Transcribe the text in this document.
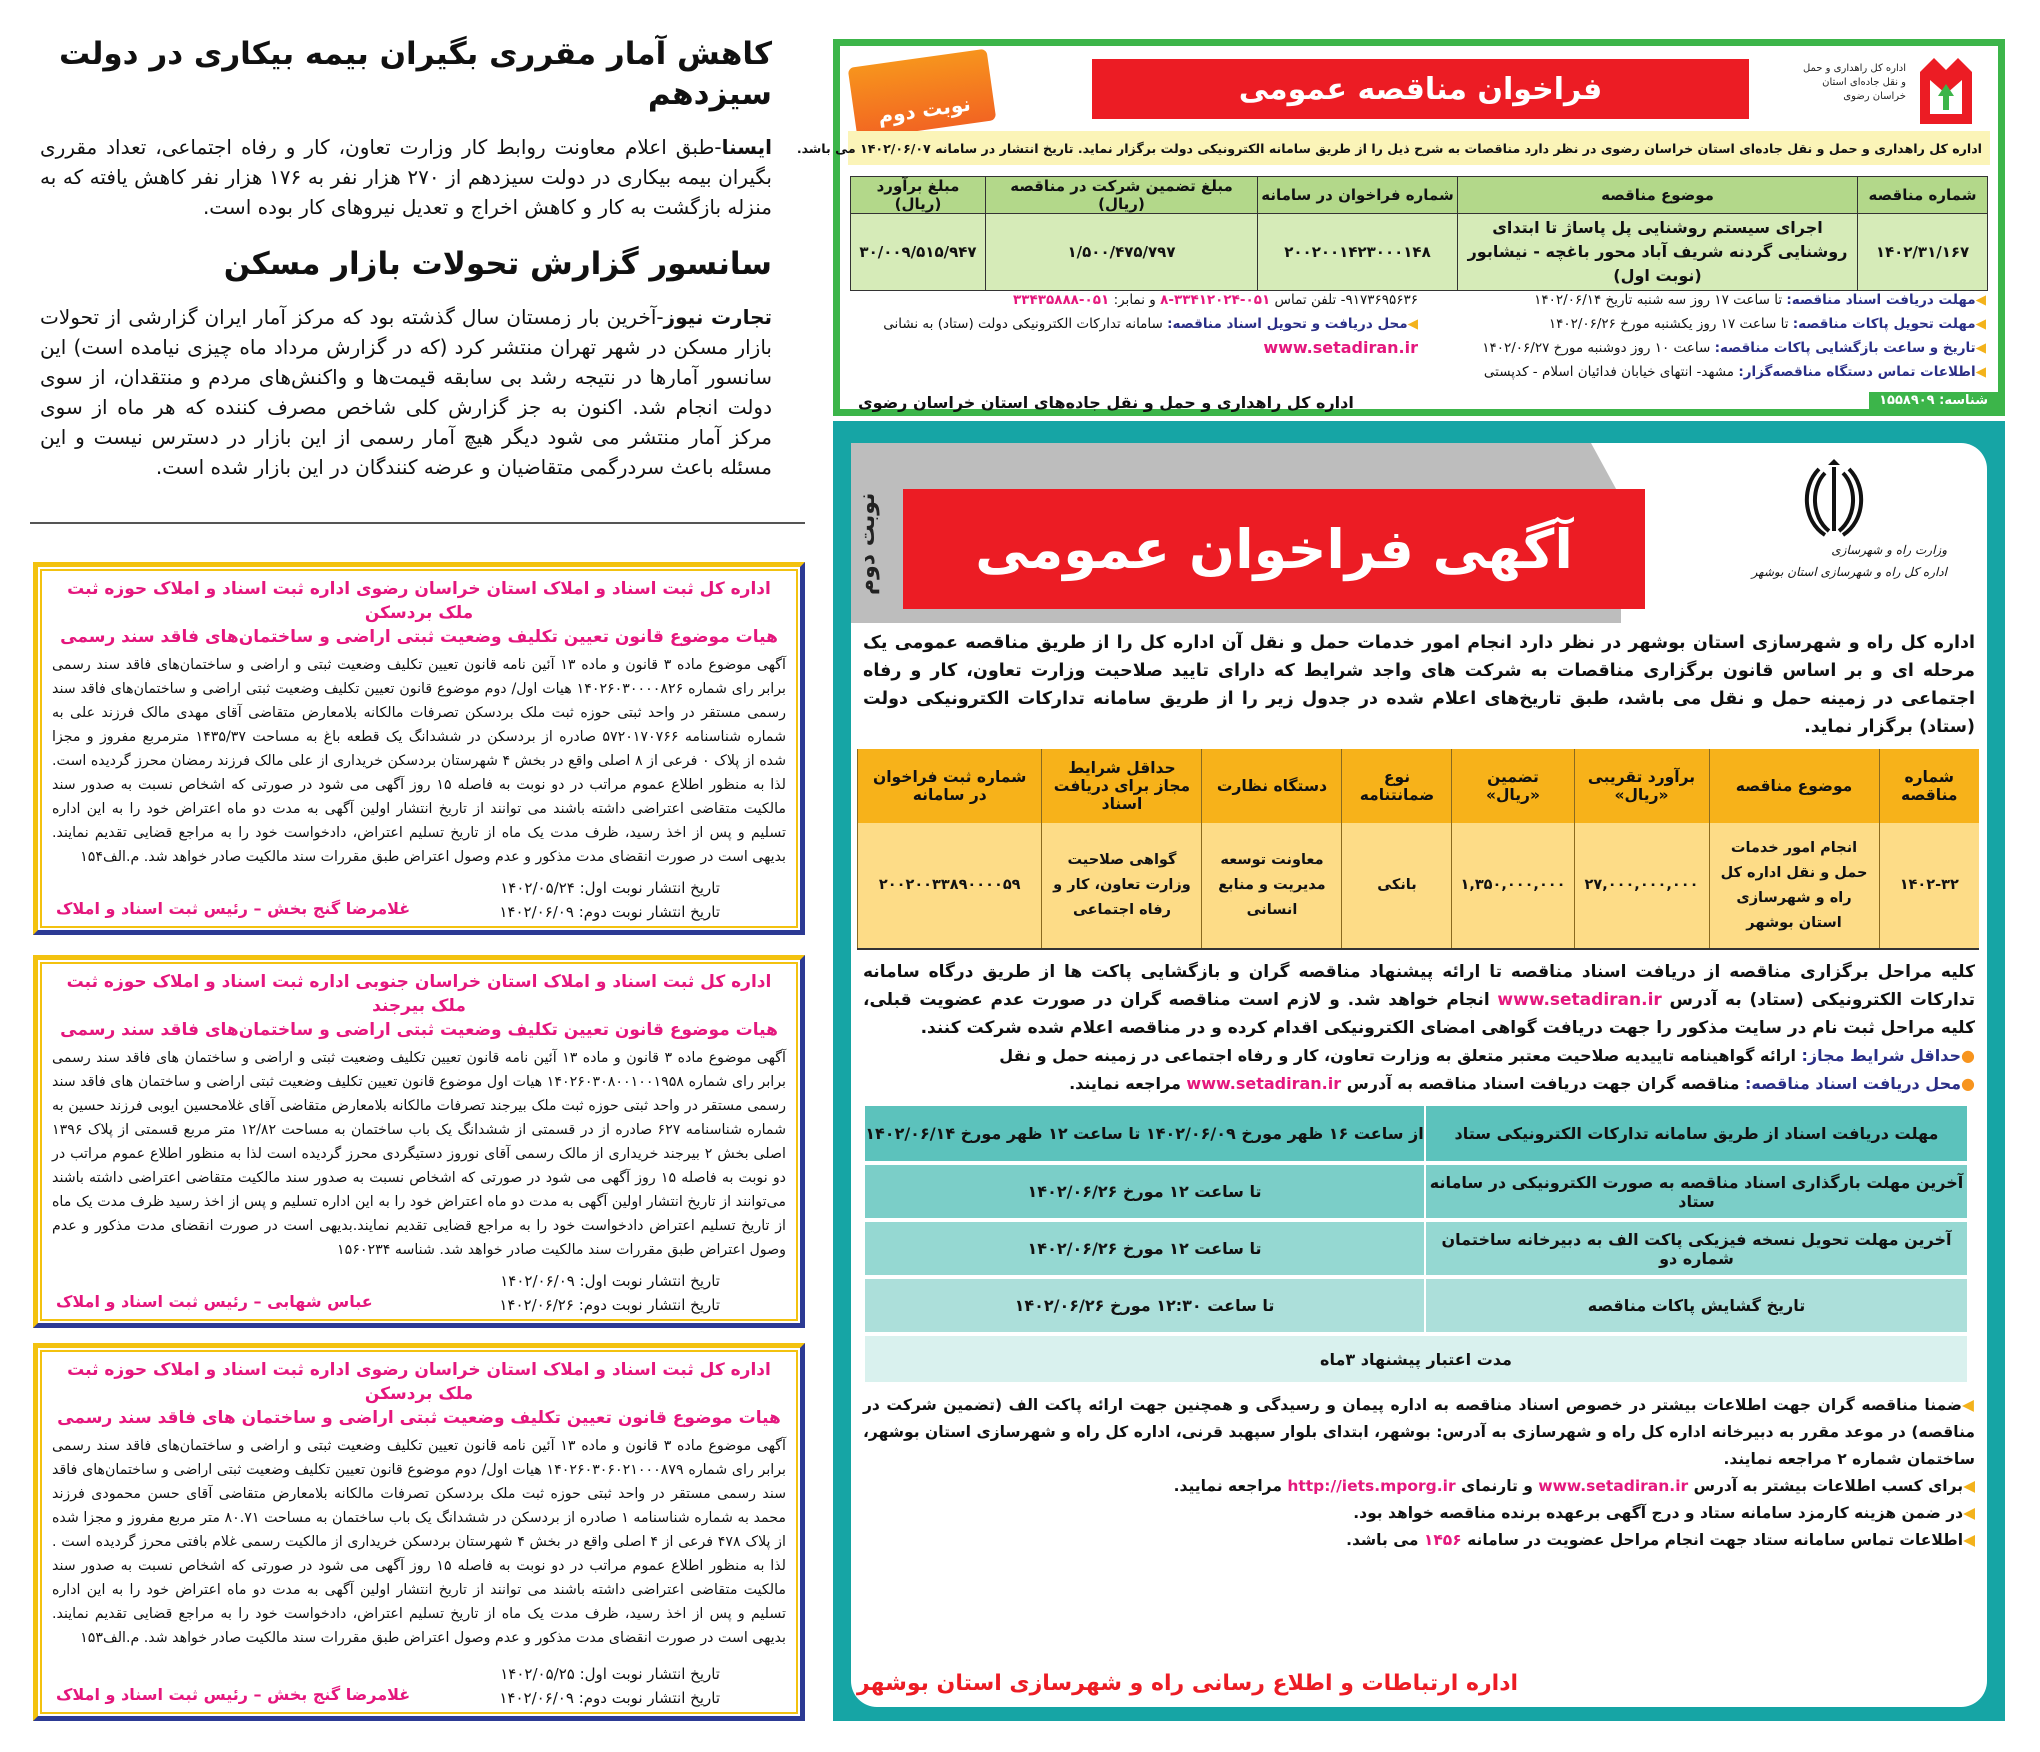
کاهش آمار مقرری بگیران بیمه بیکاری در دولت سیزدهم
ایسنا-طبق اعلام معاونت روابط کار وزارت تعاون، کار و رفاه اجتماعی، تعداد مقرری بگیران بیمه بیکاری در دولت سیزدهم از ۲۷۰ هزار نفر به ۱۷۶ هزار نفر کاهش یافته که به منزله بازگشت به کار و کاهش اخراج و تعدیل نیروهای کار بوده است.
سانسور گزارش تحولات بازار مسکن
تجارت نیوز-آخرین بار زمستان سال گذشته بود که مرکز آمار ایران گزارشی از تحولات بازار مسکن در شهر تهران منتشر کرد (که در گزارش مرداد ماه چیزی نیامده است) این سانسور آمارها در نتیجه رشد بی سابقه قیمت‌ها و واکنش‌های مردم و منتقدان، از سوی دولت انجام شد. اکنون به جز گزارش کلی شاخص مصرف کننده که هر ماه از سوی مرکز آمار منتشر می شود دیگر هیچ آمار رسمی از این بازار در دسترس نیست و این مسئله باعث سردرگمی متقاضیان و عرضه کنندگان در این بازار شده است.
اداره کل ثبت اسناد و املاک استان خراسان رضوی اداره ثبت اسناد و املاک حوزه ثبت ملک بردسکن
هیات موضوع قانون تعیین تکلیف وضعیت ثبتی اراضی و ساختمان‌های فاقد سند رسمی
آگهی موضوع ماده ۳ قانون و ماده ۱۳ آئین نامه قانون تعیین تکلیف وضعیت ثبتی و اراضی و ساختمان‌های فاقد سند رسمی برابر رای شماره ۱۴۰۲۶۰۳۰۰۰۰۸۲۶ هیات اول/ دوم موضوع قانون تعیین تکلیف وضعیت ثبتی اراضی و ساختمان‌های فاقد سند رسمی مستقر در واحد ثبتی حوزه ثبت ملک بردسکن تصرفات مالکانه بلامعارض متقاضی آقای مهدی مالک فرزند علی به شماره شناسنامه ۵۷۲۰۱۷۰۷۶۶ صادره از بردسکن در ششدانگ یک قطعه باغ به مساحت ۱۴۳۵/۳۷ مترمربع مفروز و مجزا شده از پلاک ۰ فرعی از ۸ اصلی واقع در بخش ۴ شهرستان بردسکن خریداری از علی مالک فرزند رمضان محرز گردیده است. لذا به منظور اطلاع عموم مراتب در دو نوبت به فاصله ۱۵ روز آگهی می شود در صورتی که اشخاص نسبت به صدور سند مالکیت متقاضی اعتراضی داشته باشند می توانند از تاریخ انتشار اولین آگهی به مدت دو ماه اعتراض خود را به این اداره تسلیم و پس از اخذ رسید، ظرف مدت یک ماه از تاریخ تسلیم اعتراض، دادخواست خود را به مراجع قضایی تقدیم نمایند. بدیهی است در صورت انقضای مدت مذکور و عدم وصول اعتراض طبق مقررات سند مالکیت صادر خواهد شد. م.الف۱۵۴
تاریخ انتشار نوبت اول: ۱۴۰۲/۰۵/۲۴
تاریخ انتشار نوبت دوم: ۱۴۰۲/۰۶/۰۹
غلامرضا گنج بخش – رئیس ثبت اسناد و املاک
اداره کل ثبت اسناد و املاک استان خراسان جنوبی اداره ثبت اسناد و املاک حوزه ثبت ملک بیرجند
هیات موضوع قانون تعیین تکلیف وضعیت ثبتی اراضی و ساختمان‌های فاقد سند رسمی
آگهی موضوع ماده ۳ قانون و ماده ۱۳ آئین نامه قانون تعیین تکلیف وضعیت ثبتی و اراضی و ساختمان های فاقد سند رسمی برابر رای شماره ۱۴۰۲۶۰۳۰۸۰۰۱۰۰۱۹۵۸ هیات اول موضوع قانون تعیین تکلیف وضعیت ثبتی اراضی و ساختمان های فاقد سند رسمی مستقر در واحد ثبتی حوزه ثبت ملک بیرجند تصرفات مالکانه بلامعارض متقاضی آقای غلامحسین ایوبی فرزند حسین به شماره شناسنامه ۶۲۷ صادره از در قسمتی از ششدانگ یک باب ساختمان به مساحت ۱۲/۸۲ متر مربع قسمتی از پلاک ۱۳۹۶ اصلی بخش ۲ بیرجند خریداری از مالک رسمی آقای نوروز دستیگردی محرز گردیده است لذا به منظور اطلاع عموم مراتب در دو نوبت به فاصله ۱۵ روز آگهی می شود در صورتی که اشخاص نسبت به صدور سند مالکیت متقاضی اعتراضی داشته باشند می‌توانند از تاریخ انتشار اولین آگهی به مدت دو ماه اعتراض خود را به این اداره تسلیم و پس از اخذ رسید ظرف مدت یک ماه از تاریخ تسلیم اعتراض دادخواست خود را به مراجع قضایی تقدیم نمایند.بدیهی است در صورت انقضای مدت مذکور و عدم وصول اعتراض طبق مقررات سند مالکیت صادر خواهد شد. شناسه ۱۵۶۰۲۳۴
تاریخ انتشار نوبت اول: ۱۴۰۲/۰۶/۰۹
تاریخ انتشار نوبت دوم: ۱۴۰۲/۰۶/۲۶
عباس شهابی – رئیس ثبت اسناد و املاک
اداره کل ثبت اسناد و املاک استان خراسان رضوی اداره ثبت اسناد و املاک حوزه ثبت ملک بردسکن
هیات موضوع قانون تعیین تکلیف وضعیت ثبتی اراضی و ساختمان های فاقد سند رسمی
آگهی موضوع ماده ۳ قانون و ماده ۱۳ آئین نامه قانون تعیین تکلیف وضعیت ثبتی و اراضی و ساختمان‌های فاقد سند رسمی برابر رای شماره ۱۴۰۲۶۰۳۰۶۰۲۱۰۰۰۸۷۹ هیات اول/ دوم موضوع قانون تعیین تکلیف وضعیت ثبتی اراضی و ساختمان‌های فاقد سند رسمی مستقر در واحد ثبتی حوزه ثبت ملک بردسکن تصرفات مالکانه بلامعارض متقاضی آقای حسن محمودی فرزند محمد به شماره شناسنامه ۱ صادره از بردسکن در ششدانگ یک باب ساختمان به مساحت ۸۰.۷۱ متر مربع مفروز و مجزا شده از پلاک ۴۷۸ فرعی از ۴ اصلی واقع در بخش ۴ شهرستان بردسکن خریداری از مالکیت رسمی غلام بافتی محرز گردیده است . لذا به منظور اطلاع عموم مراتب در دو نوبت به فاصله ۱۵ روز آگهی می شود در صورتی که اشخاص نسبت به صدور سند مالکیت متقاضی اعتراضی داشته باشند می توانند از تاریخ انتشار اولین آگهی به مدت دو ماه اعتراض خود را به این اداره تسلیم و پس از اخذ رسید، ظرف مدت یک ماه از تاریخ تسلیم اعتراض، دادخواست خود را به مراجع قضایی تقدیم نمایند. بدیهی است در صورت انقضای مدت مذکور و عدم وصول اعتراض طبق مقررات سند مالکیت صادر خواهد شد. م.الف۱۵۳
تاریخ انتشار نوبت اول: ۱۴۰۲/۰۵/۲۵
تاریخ انتشار نوبت دوم: ۱۴۰۲/۰۶/۰۹
غلامرضا گنج بخش – رئیس ثبت اسناد و املاک
نوبت دوم
فراخوان مناقصه عمومی
اداره کل راهداری و حمل و نقل جاده‌ای استان خراسان رضوی
اداره کل راهداری و حمل و نقل جاده‌ای استان خراسان رضوی در نظر دارد مناقصات به شرح ذیل را از طریق سامانه الکترونیکی دولت برگزار نماید. تاریخ انتشار در سامانه ۱۴۰۲/۰۶/۰۷ می باشد.
شماره مناقصه	موضوع مناقصه	شماره فراخوان در سامانه	مبلغ تضمین شرکت در مناقصه (ریال)	مبلغ برآورد (ریال)
۱۴۰۲/۳۱/۱۶۷	اجرای سیستم روشنایی پل پاساژ تا ابتدای روشنایی گردنه شریف آباد محور باغچه - نیشابور (نوبت اول)	۲۰۰۲۰۰۱۴۲۳۰۰۰۱۴۸	۱/۵۰۰/۴۷۵/۷۹۷	۳۰/۰۰۹/۵۱۵/۹۴۷
◀مهلت دریافت اسناد مناقصه: تا ساعت ۱۷ روز سه شنبه تاریخ ۱۴۰۲/۰۶/۱۴
◀مهلت تحویل پاکات مناقصه: تا ساعت ۱۷ روز یکشنبه مورخ ۱۴۰۲/۰۶/۲۶
◀تاریخ و ساعت بازگشایی پاکات مناقصه: ساعت ۱۰ روز دوشنبه مورخ ۱۴۰۲/۰۶/۲۷
◀اطلاعات تماس دستگاه مناقصه‌گزار: مشهد- انتهای خیابان فدائیان اسلام - کدپستی
۹۱۷۳۶۹۵۶۳۶- تلفن تماس ۰۵۱-۳۳۴۱۲۰۲۴-۸ و نمابر: ۰۵۱-۳۳۴۳۵۸۸۸
◀محل دریافت و تحویل اسناد مناقصه: سامانه تدارکات الکترونیکی دولت (ستاد) به نشانی www.setadiran.ir
اداره کل راهداری و حمل و نقل جاده‌های استان خراسان رضوی	شناسه: ۱۵۵۸۹۰۹
نوبت دوم	آگهی فراخوان عمومی	وزارت راه و شهرسازی
اداره کل راه و شهرسازی استان بوشهر
اداره کل راه و شهرسازی استان بوشهر در نظر دارد انجام امور خدمات حمل و نقل آن اداره کل را از طریق مناقصه عمومی یک مرحله ای و بر اساس قانون برگزاری مناقصات به شرکت های واجد شرایط که دارای تایید صلاحیت وزارت تعاون، کار و رفاه اجتماعی در زمینه حمل و نقل می باشد، طبق تاریخ‌های اعلام شده در جدول زیر را از طریق سامانه تدارکات الکترونیکی دولت (ستاد) برگزار نماید.
شماره مناقصه	موضوع مناقصه	برآورد تقریبی «ریال»	تضمین «ریال»	نوع ضمانتنامه	دستگاه نظارت	حداقل شرایط مجاز برای دریافت اسناد	شماره ثبت فراخوان در سامانه
۱۴۰۲-۳۲	انجام امور خدمات حمل و نقل اداره کل راه و شهرسازی استان بوشهر	۲۷,۰۰۰,۰۰۰,۰۰۰	۱,۳۵۰,۰۰۰,۰۰۰	بانکی	معاونت توسعه مدیریت و منابع انسانی	گواهی صلاحیت وزارت تعاون، کار و رفاه اجتماعی	۲۰۰۲۰۰۳۳۸۹۰۰۰۰۵۹
کلیه مراحل برگزاری مناقصه از دریافت اسناد مناقصه تا ارائه پیشنهاد مناقصه گران و بازگشایی پاکت ها از طریق درگاه سامانه تدارکات الکترونیکی (ستاد) به آدرس www.setadiran.ir انجام خواهد شد. و لازم است مناقصه گران در صورت عدم عضویت قبلی، کلیه مراحل ثبت نام در سایت مذکور را جهت دریافت گواهی امضای الکترونیکی اقدام کرده و در مناقصه اعلام شده شرکت کنند.
●حداقل شرایط مجاز: ارائه گواهینامه تاییدیه صلاحیت معتبر متعلق به وزارت تعاون، کار و رفاه اجتماعی در زمینه حمل و نقل
●محل دریافت اسناد مناقصه: مناقصه گران جهت دریافت اسناد مناقصه به آدرس www.setadiran.ir مراجعه نمایند.
مهلت دریافت اسناد از طریق سامانه تدارکات الکترونیکی ستاد	از ساعت ۱۶ ظهر مورخ ۱۴۰۲/۰۶/۰۹ تا ساعت ۱۲ ظهر مورخ ۱۴۰۲/۰۶/۱۴
آخرین مهلت بارگذاری اسناد مناقصه به صورت الکترونیکی در سامانه ستاد	تا ساعت ۱۲ مورخ ۱۴۰۲/۰۶/۲۶
آخرین مهلت تحویل نسخه فیزیکی پاکت الف به دبیرخانه ساختمان شماره دو	تا ساعت ۱۲ مورخ ۱۴۰۲/۰۶/۲۶
تاریخ گشایش پاکات مناقصه	تا ساعت ۱۲:۳۰ مورخ ۱۴۰۲/۰۶/۲۶
مدت اعتبار پیشنهاد ۳ماه	
◀ضمنا مناقصه گران جهت اطلاعات بیشتر در خصوص اسناد مناقصه به اداره پیمان و رسیدگی و همچنین جهت ارائه پاکت الف (تضمین شرکت در مناقصه) در موعد مقرر به دبیرخانه اداره کل راه و شهرسازی به آدرس: بوشهر، ابتدای بلوار سپهبد قرنی، اداره کل راه و شهرسازی استان بوشهر، ساختمان شماره ۲ مراجعه نمایند.
◀برای کسب اطلاعات بیشتر به آدرس www.setadiran.ir و تارنمای http://iets.mporg.ir مراجعه نمایید.
◀در ضمن هزینه کارمزد سامانه ستاد و درج آگهی برعهده برنده مناقصه خواهد بود.
◀اطلاعات تماس سامانه ستاد جهت انجام مراحل عضویت در سامانه ۱۴۵۶ می باشد.
اداره ارتباطات و اطلاع رسانی راه و شهرسازی استان بوشهر
